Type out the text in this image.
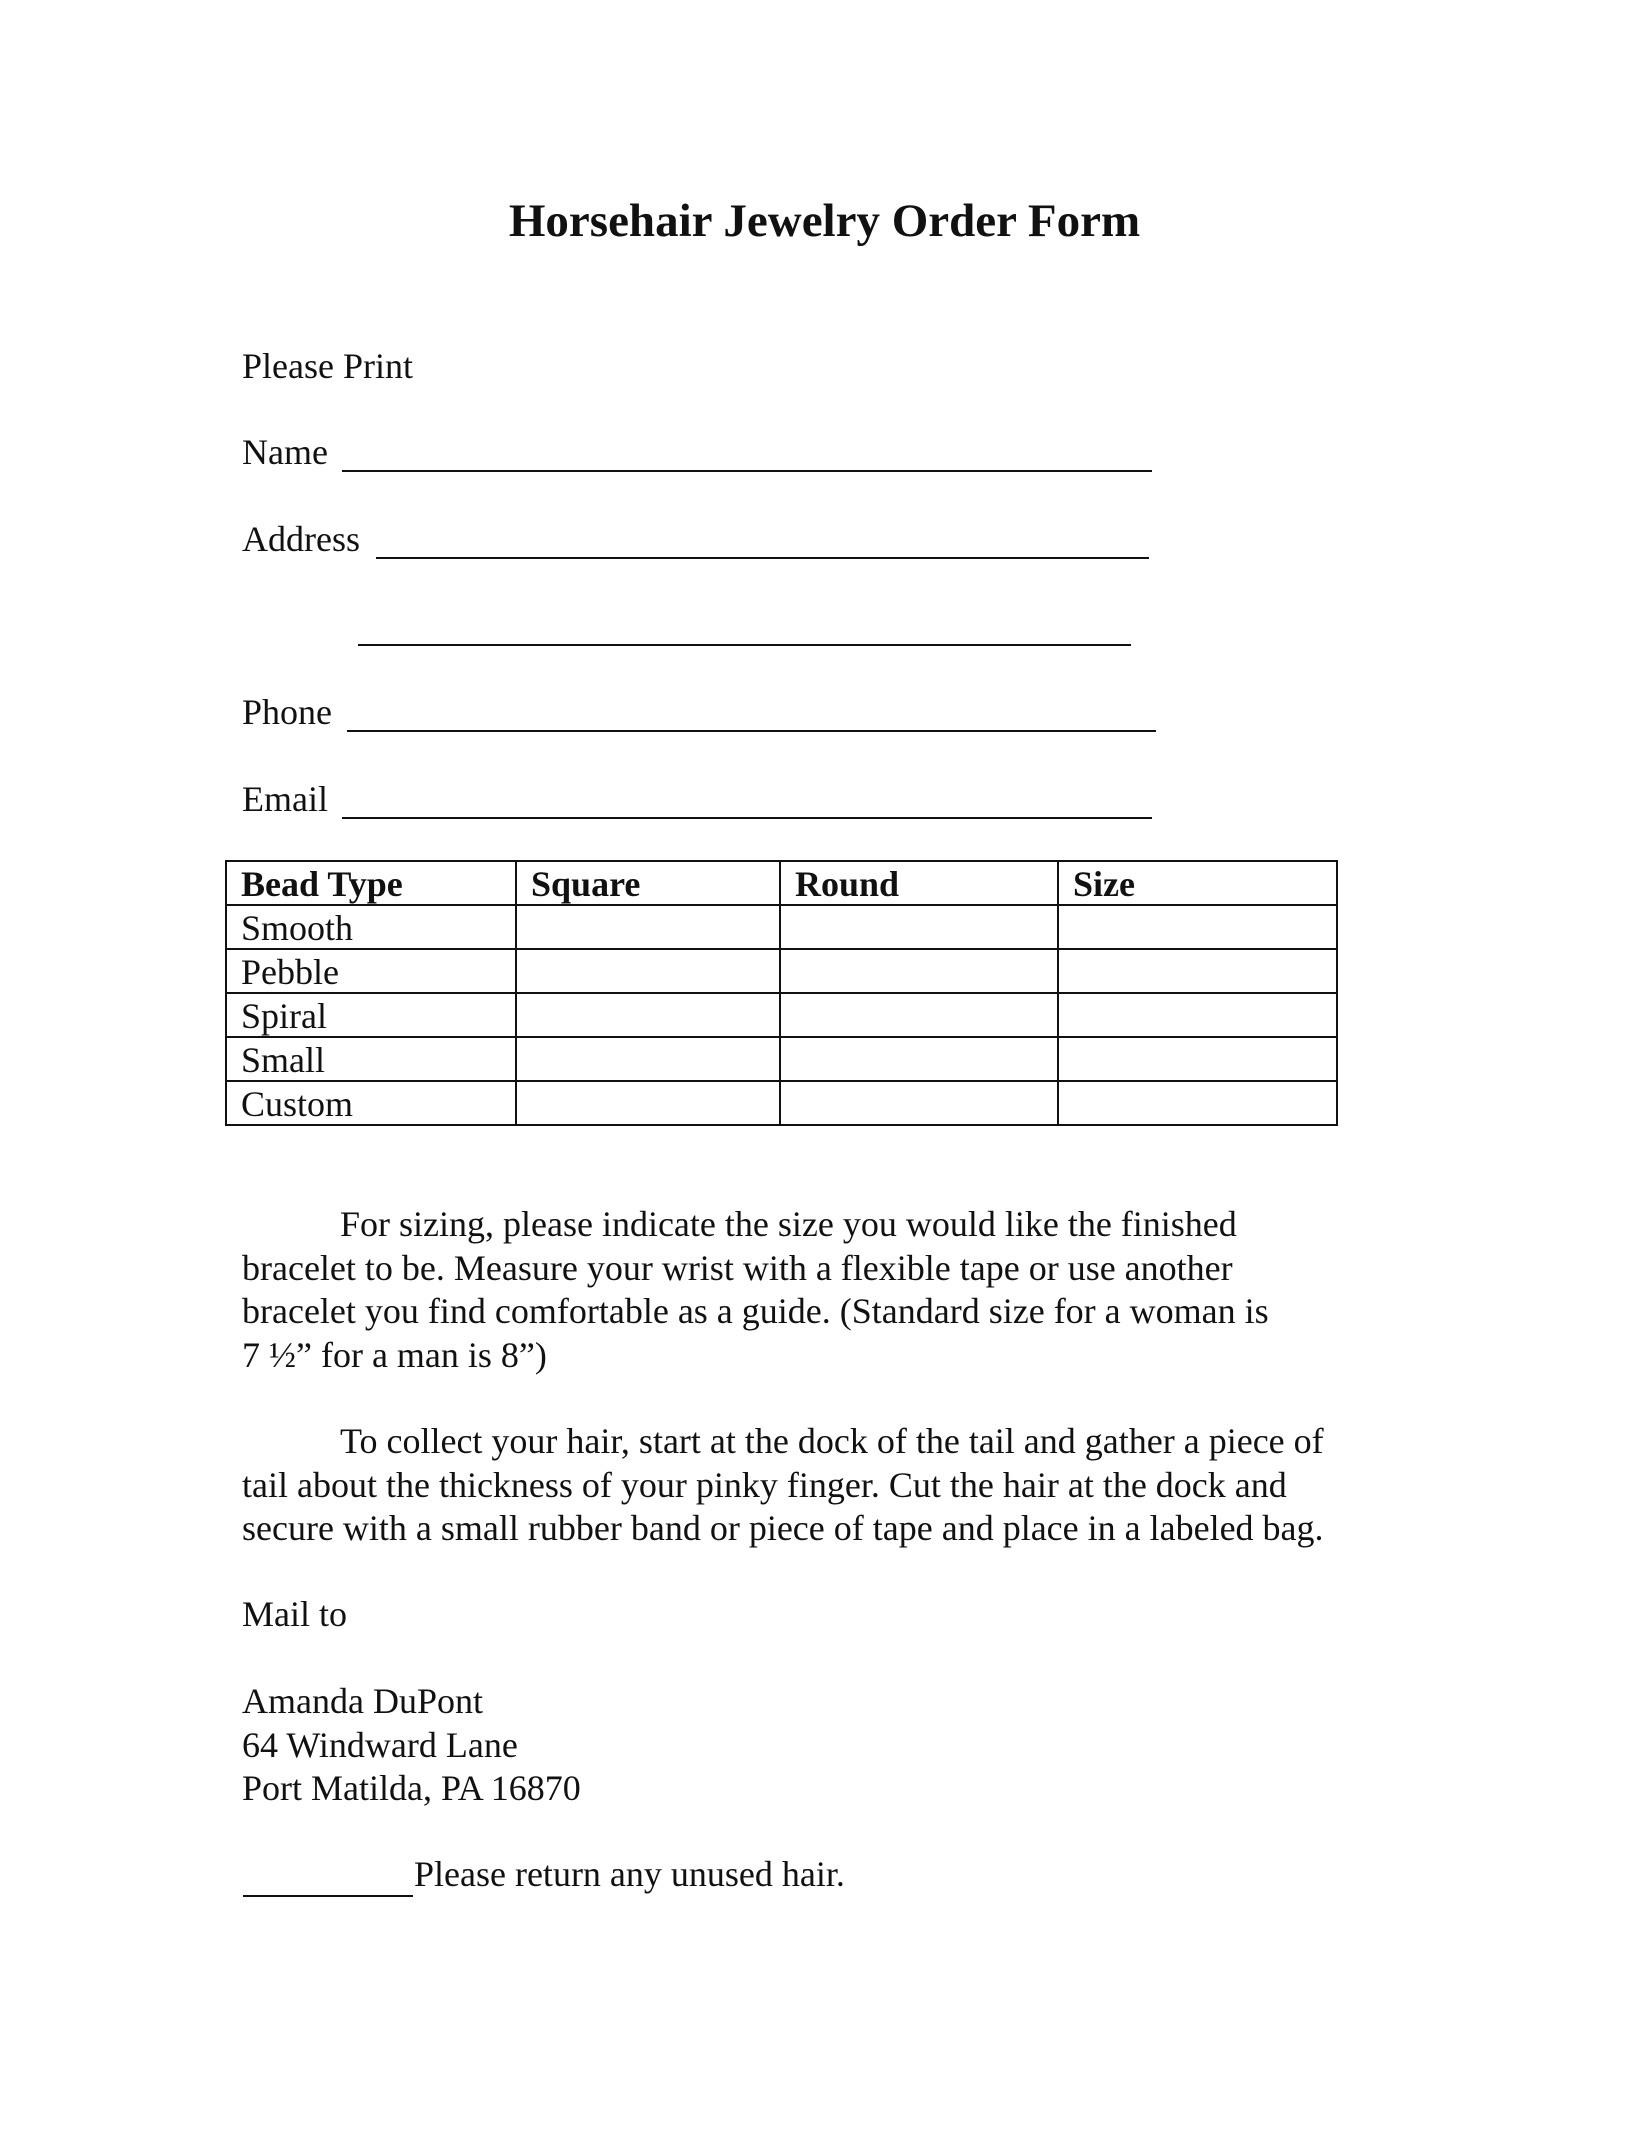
Horsehair Jewelry Order Form
Please Print
Name
Address
Phone
Email
Bead Type	Square	Round	Size
Smooth			
Pebble			
Spiral			
Small			
Custom			
For sizing, please indicate the size you would like the finished
bracelet to be. Measure your wrist with a flexible tape or use another
bracelet you find comfortable as a guide. (Standard size for a woman is
7 ½” for a man is 8”)
To collect your hair, start at the dock of the tail and gather a piece of
tail about the thickness of your pinky finger. Cut the hair at the dock and
secure with a small rubber band or piece of tape and place in a labeled bag.
Mail to
Amanda DuPont
64 Windward Lane
Port Matilda, PA 16870
Please return any unused hair.
